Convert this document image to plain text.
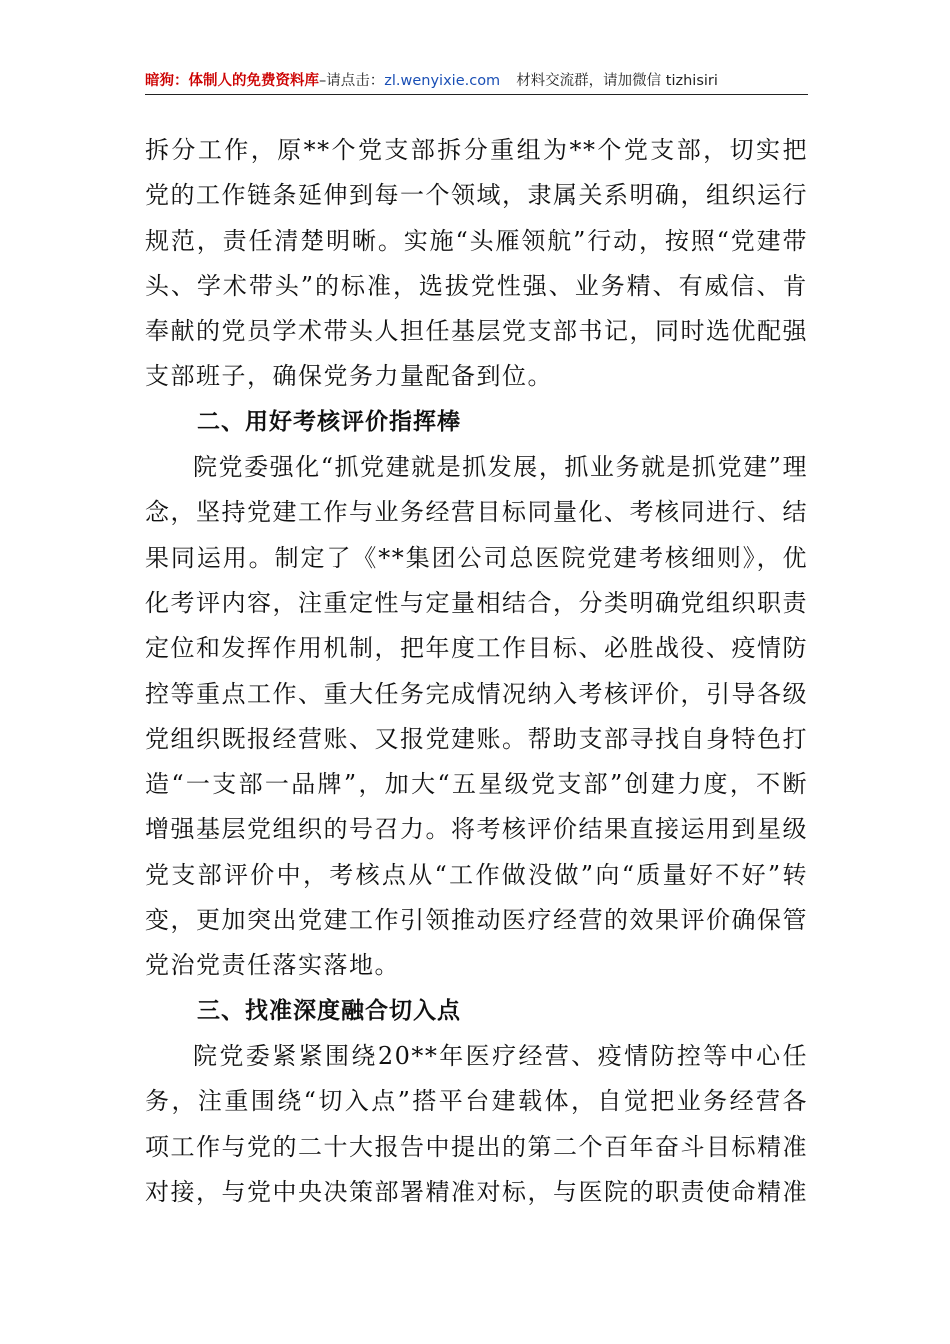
暗狗：体制人的免费资料库–请点击：zl.wenyixie.com 材料交流群，请加微信 tizhisiri

拆分工作，原**个党支部拆分重组为**个党支部，切实把党的工作链条延伸到每一个领域，隶属关系明确，组织运行规范，责任清楚明晰。实施“头雁领航”行动，按照“党建带头、学术带头”的标准，选拔党性强、业务精、有威信、肯奉献的党员学术带头人担任基层党支部书记，同时选优配强支部班子，确保党务力量配备到位。

二、用好考核评价指挥棒

院党委强化“抓党建就是抓发展，抓业务就是抓党建”理念，坚持党建工作与业务经营目标同量化、考核同进行、结果同运用。制定了《**集团公司总医院党建考核细则》，优化考评内容，注重定性与定量相结合，分类明确党组织职责定位和发挥作用机制，把年度工作目标、必胜战役、疫情防控等重点工作、重大任务完成情况纳入考核评价，引导各级党组织既报经营账、又报党建账。帮助支部寻找自身特色打造“一支部一品牌”，加大“五星级党支部”创建力度，不断增强基层党组织的号召力。将考核评价结果直接运用到星级党支部评价中，考核点从“工作做没做”向“质量好不好”转变，更加突出党建工作引领推动医疗经营的效果评价确保管党治党责任落实落地。

三、找准深度融合切入点

院党委紧紧围绕20**年医疗经营、疫情防控等中心任务，注重围绕“切入点”搭平台建载体，自觉把业务经营各项工作与党的二十大报告中提出的第二个百年奋斗目标精准对接，与党中央决策部署精准对标，与医院的职责使命精准
